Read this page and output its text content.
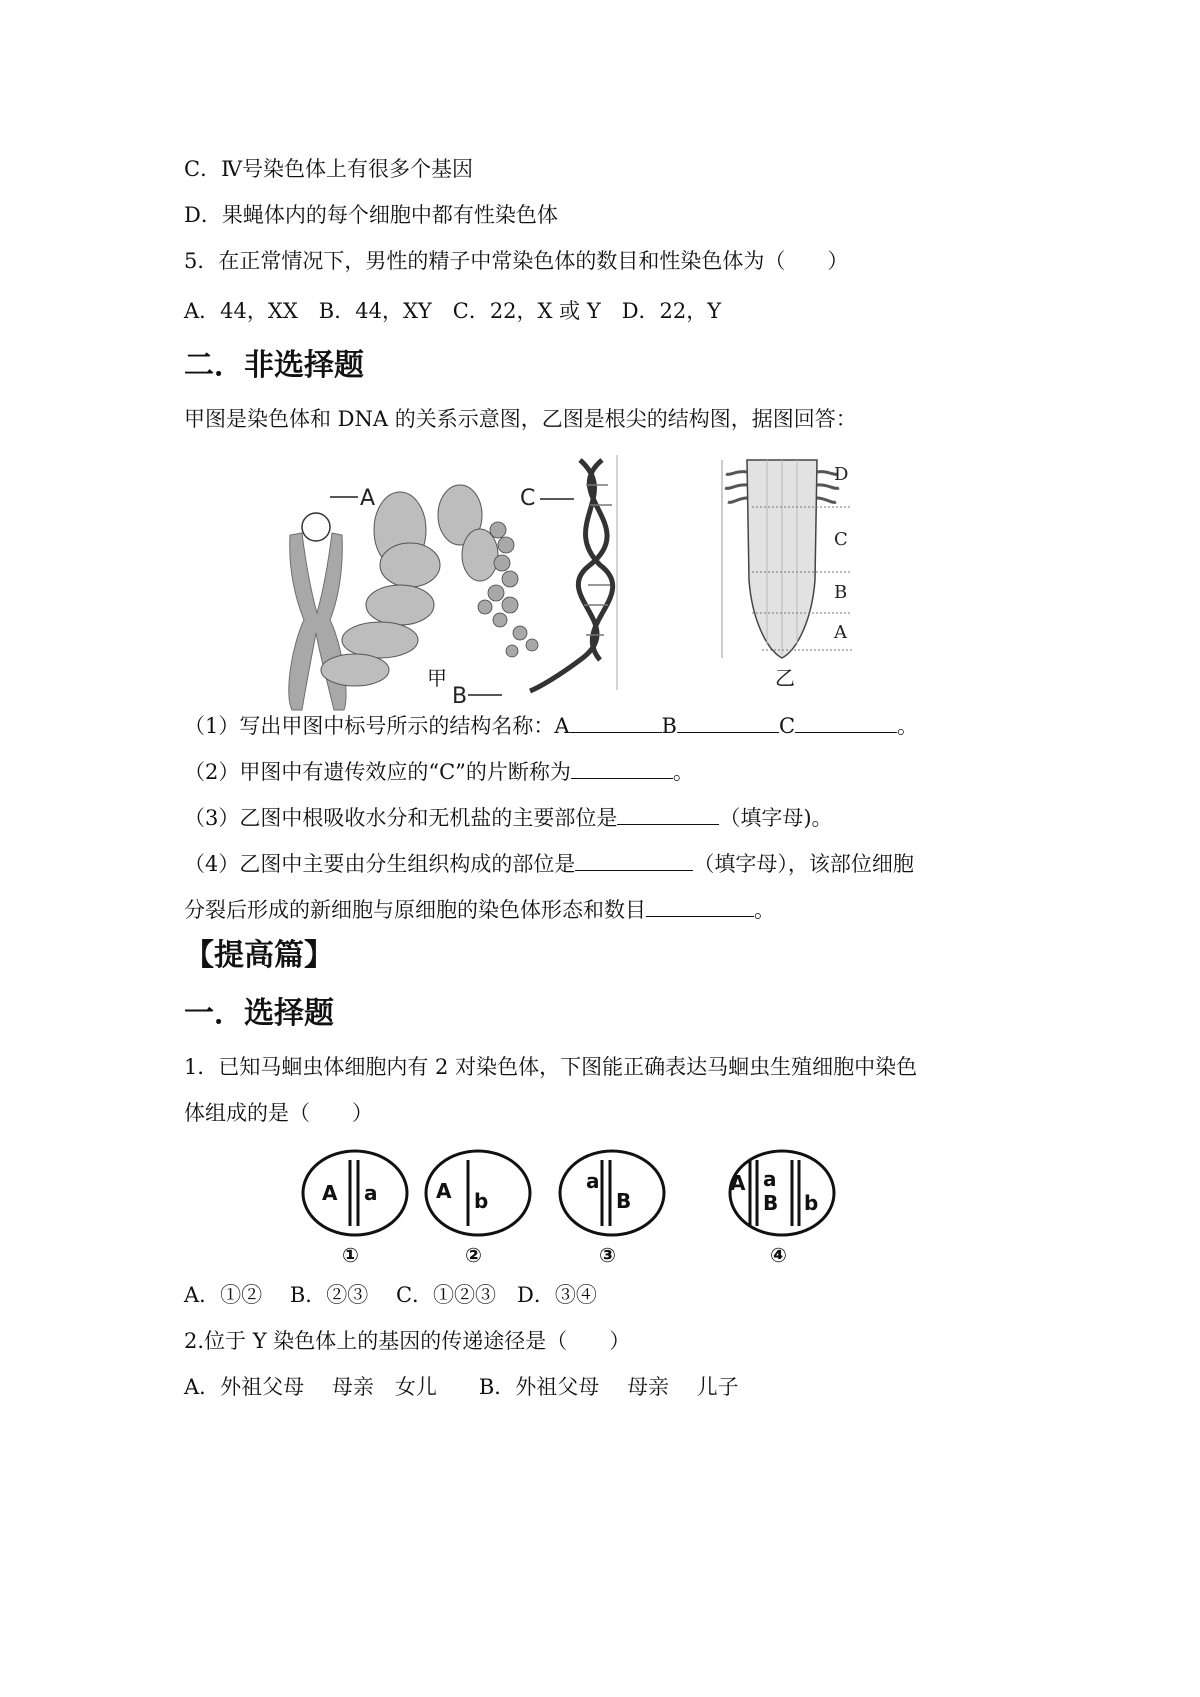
C．Ⅳ号染色体上有很多个基因
D．果蝇体内的每个细胞中都有性染色体
5．在正常情况下，男性的精子中常染色体的数目和性染色体为（　　）
A．44，XX　B．44，XY　C．22，X 或 Y　D．22，Y
二．非选择题
甲图是染色体和 DNA 的关系示意图，乙图是根尖的结构图，据图回答：
A
B
C
甲
D
C
B
A
乙
（1）写出甲图中标号所示的结构名称：A	B	C	。
（2）甲图中有遗传效应的“C”的片断称为	。
（3）乙图中根吸收水分和无机盐的主要部位是	（填字母)。
（4）乙图中主要由分生组织构成的部位是	（填字母），该部位细胞
分裂后形成的新细胞与原细胞的染色体形态和数目	。
【提高篇】
一．选择题
1．已知马蛔虫体细胞内有 2 对染色体，下图能正确表达马蛔虫生殖细胞中染色
体组成的是（　　）
A a
①
A b
②
a
B
③
A a
B b
④
A．①②　 B．②③　 C．①②③　D．③④
2.位于 Y 染色体上的基因的传递途径是（　　）
A．外祖父母　 母亲　女儿　　B．外祖父母　 母亲　 儿子
